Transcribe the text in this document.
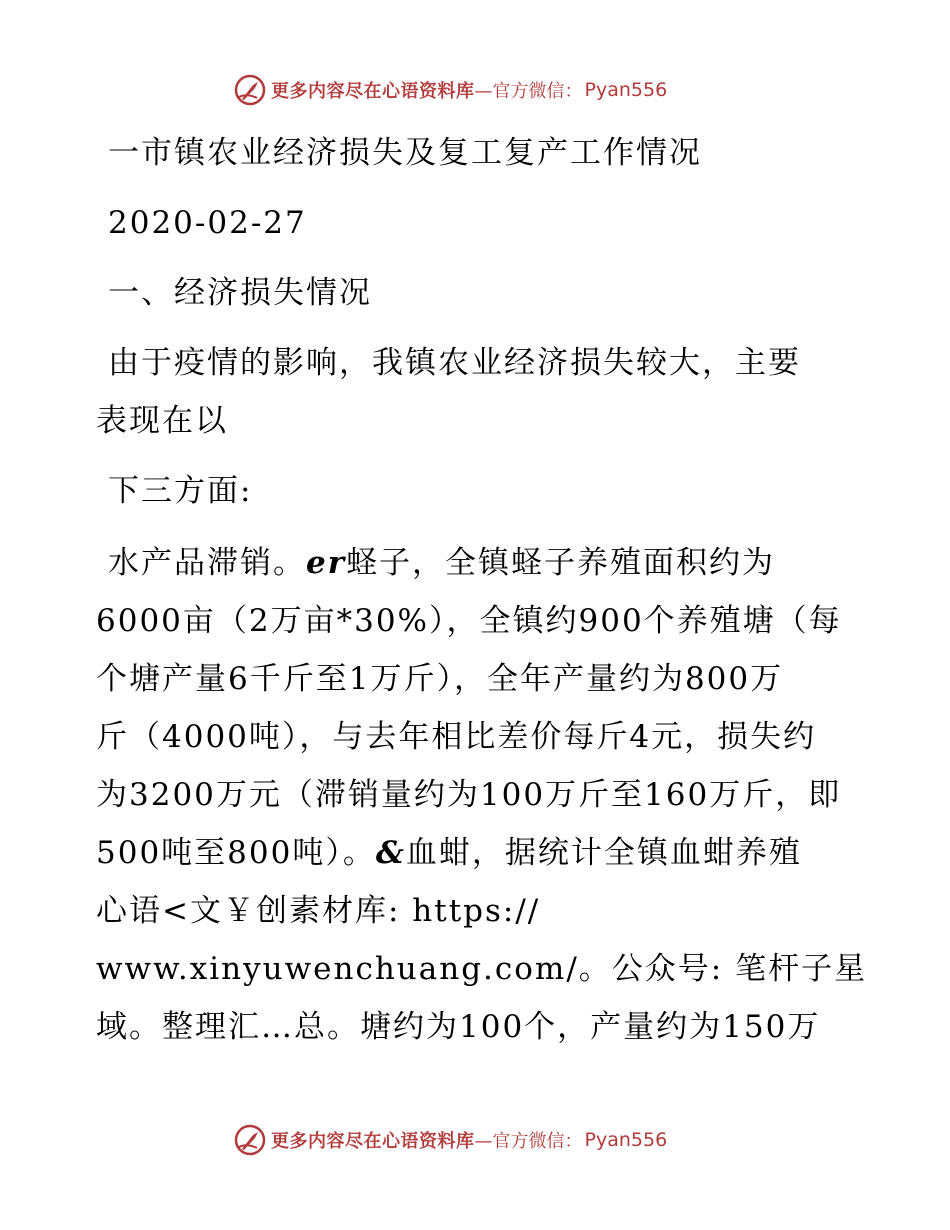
更多内容尽在心语资料库 —官方微信： Pyan556
一市镇农业经济损失及复工复产工作情况
2020-02-27
一、经济损失情况
由于疫情的影响，我镇农业经济损失较大，主要
表现在以
下三方面:
水产品滞销。er蛏子，全镇蛏子养殖面积约为
6000亩（2万亩*30%），全镇约900个养殖塘（每
个塘产量6千斤至1万斤），全年产量约为800万
斤（4000吨），与去年相比差价每斤4元，损失约
为3200万元（滞销量约为100万斤至160万斤，即
500吨至800吨）。&血蚶，据统计全镇血蚶养殖
心语<文￥创素材库: https://
www.xinyuwenchuang.com/。公众号: 笔杆子星
域。整理汇…总。塘约为100个，产量约为150万
更多内容尽在心语资料库 —官方微信： Pyan556
